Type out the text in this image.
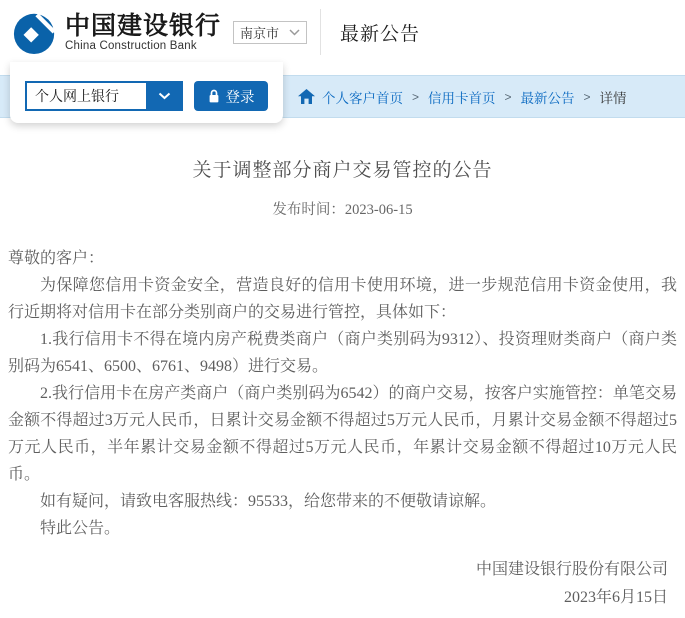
中国建设银行
China Construction Bank
南京市	最新公告
个人客户首页 > 信用卡首页 > 最新公告 > 详情
个人网上银行	登录
关于调整部分商户交易管控的公告
发布时间：2023-06-15

尊敬的客户：

为保障您信用卡资金安全，营造良好的信用卡使用环境，进一步规范信用卡资金使用，我行近期将对信用卡在部分类别商户的交易进行管控，具体如下：

1.我行信用卡不得在境内房产税费类商户（商户类别码为9312）、投资理财类商户（商户类别码为6541、6500、6761、9498）进行交易。

2.我行信用卡在房产类商户（商户类别码为6542）的商户交易，按客户实施管控：单笔交易金额不得超过3万元人民币，日累计交易金额不得超过5万元人民币，月累计交易金额不得超过5万元人民币，半年累计交易金额不得超过5万元人民币，年累计交易金额不得超过10万元人民币。

如有疑问，请致电客服热线：95533，给您带来的不便敬请谅解。

特此公告。

中国建设银行股份有限公司
2023年6月15日
